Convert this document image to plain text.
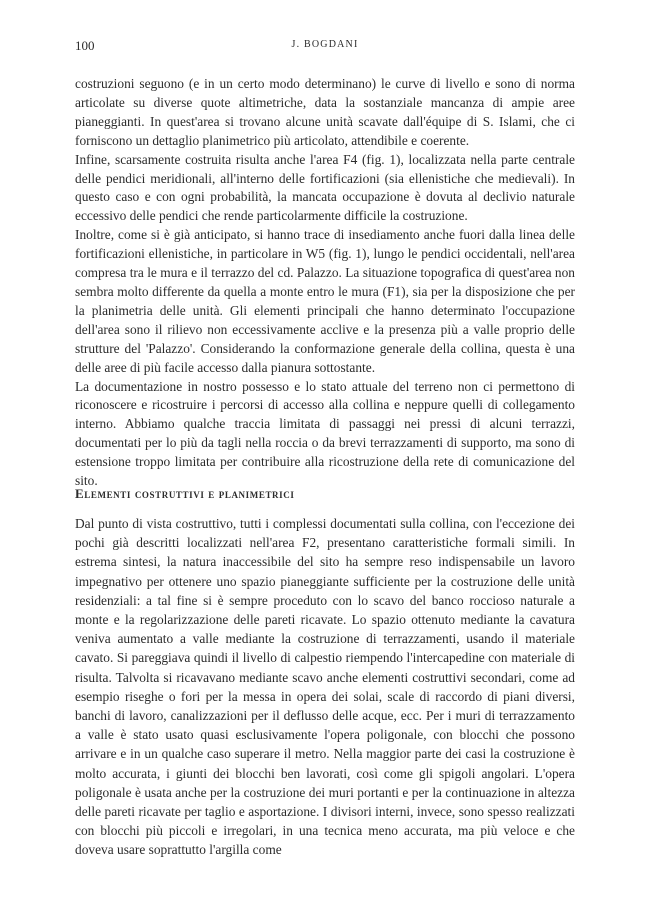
100	J. BOGDANI

costruzioni seguono (e in un certo modo determinano) le curve di livello e sono di norma articolate su diverse quote altimetriche, data la sostanziale mancanza di ampie aree pianeggianti. In quest'area si trovano alcune unità scavate dall'équipe di S. Islami, che ci forniscono un dettaglio planimetrico più articolato, attendibile e coerente.

Infine, scarsamente costruita risulta anche l'area F4 (fig. 1), localizzata nella parte centrale delle pendici meridionali, all'interno delle fortificazioni (sia ellenistiche che medievali). In questo caso e con ogni probabilità, la mancata occupazione è dovuta al declivio naturale eccessivo delle pendici che rende particolarmente difficile la costruzione.

Inoltre, come si è già anticipato, si hanno trace di insediamento anche fuori dalla linea delle fortificazioni ellenistiche, in particolare in W5 (fig. 1), lungo le pendici occidentali, nell'area compresa tra le mura e il terrazzo del cd. Palazzo. La situazione topografica di quest'area non sembra molto differente da quella a monte entro le mura (F1), sia per la disposizione che per la planimetria delle unità. Gli elementi principali che hanno determinato l'occupazione dell'area sono il rilievo non eccessivamente acclive e la presenza più a valle proprio delle strutture del 'Palazzo'. Considerando la conformazione generale della collina, questa è una delle aree di più facile accesso dalla pianura sottostante.

La documentazione in nostro possesso e lo stato attuale del terreno non ci permettono di riconoscere e ricostruire i percorsi di accesso alla collina e neppure quelli di collegamento interno. Abbiamo qualche traccia limitata di passaggi nei pressi di alcuni terrazzi, documentati per lo più da tagli nella roccia o da brevi terrazzamenti di supporto, ma sono di estensione troppo limitata per contribuire alla ricostruzione della rete di comunicazione del sito.

Elementi costruttivi e planimetrici

Dal punto di vista costruttivo, tutti i complessi documentati sulla collina, con l'eccezione dei pochi già descritti localizzati nell'area F2, presentano caratteristiche formali simili. In estrema sintesi, la natura inaccessibile del sito ha sempre reso indispensabile un lavoro impegnativo per ottenere uno spazio pianeggiante sufficiente per la costruzione delle unità residenziali: a tal fine si è sempre proceduto con lo scavo del banco roccioso naturale a monte e la regolarizzazione delle pareti ricavate. Lo spazio ottenuto mediante la cavatura veniva aumentato a valle mediante la costruzione di terrazzamenti, usando il materiale cavato. Si pareggiava quindi il livello di calpestio riempendo l'intercapedine con materiale di risulta. Talvolta si ricavavano mediante scavo anche elementi costruttivi secondari, come ad esempio riseghe o fori per la messa in opera dei solai, scale di raccordo di piani diversi, banchi di lavoro, canalizzazioni per il deflusso delle acque, ecc. Per i muri di terrazzamento a valle è stato usato quasi esclusivamente l'opera poligonale, con blocchi che possono arrivare e in un qualche caso superare il metro. Nella maggior parte dei casi la costruzione è molto accurata, i giunti dei blocchi ben lavorati, così come gli spigoli angolari. L'opera poligonale è usata anche per la costruzione dei muri portanti e per la continuazione in altezza delle pareti ricavate per taglio e asportazione. I divisori interni, invece, sono spesso realizzati con blocchi più piccoli e irregolari, in una tecnica meno accurata, ma più veloce e che doveva usare soprattutto l'argilla come
